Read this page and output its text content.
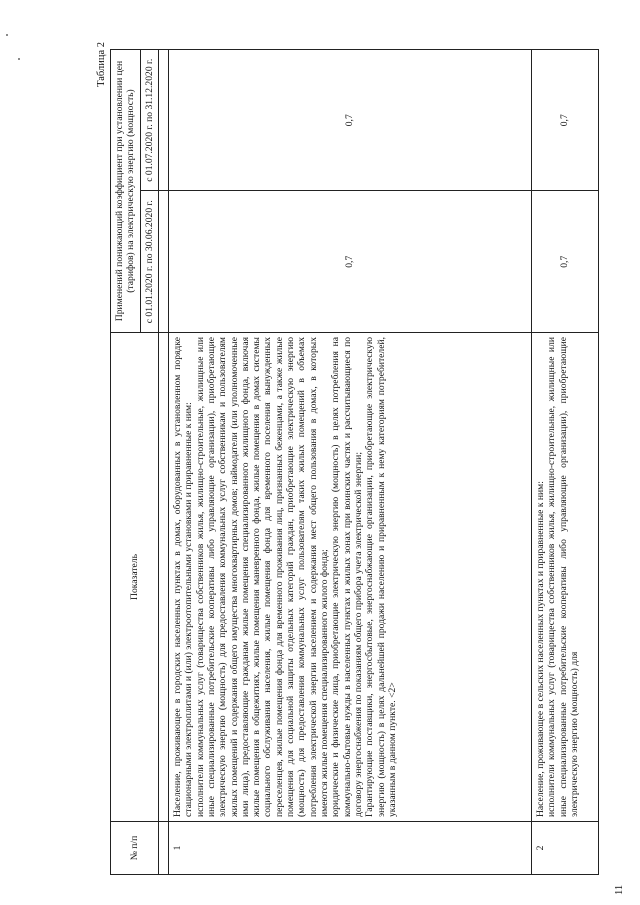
Таблица 2
№ п/п	Показатель	Применений понижающий коэффициент при установлении цен (тарифов) на электрическую энергию (мощность)	
		с 01.01.2020 г. по 30.06.2020 г.	с 01.07.2020 г. по 31.12.2020 г.

1	Население, проживающее в городских населенных пунктах в домах, оборудованных в установленном порядке стационарными электроплитами и (или) электроотопительными установками и приравненные к ним: исполнители коммунальных услуг (товарищества собственников жилья, жилищно-строительные, жилищные или иные специализированные потребительские кооперативы либо управляющие организации), приобретающие электрическую энергию (мощность) для предоставления коммунальных услуг собственникам и пользователям жилых помещений и содержания общего имущества многоквартирных домов; наймодатели (или уполномоченные ими лица), предоставляющие гражданам жилые помещения специализированного жилищного фонда, включая жилые помещения в общежитиях, жилые помещения маневренного фонда, жилые помещения в домах системы социального обслуживания населения, жилые помещения фонда для временного поселения вынужденных переселенцев, жилые помещения фонда для временного проживания лиц, признанных беженцами, а также жилые помещения для социальной защиты отдельных категорий граждан, приобретающие электрическую энергию (мощность) для предоставления коммунальных услуг пользователям таких жилых помещений в объемах потребления электрической энергии населением и содержания мест общего пользования в домах, в которых имеются жилые помещения специализированного жилого фонда; юридические и физические лица, приобретающие электрическую энергию (мощность) в целях потребления на коммунально-бытовые нужды в населенных пунктах и жилых зонах при воинских частях и рассчитывающиеся по договору энергоснабжения по показаниям общего прибора учета электрической энергии; Гарантирующие поставщики, энергосбытовые, энергоснабжающие организации, приобретающие электрическую энергию (мощность) в целях дальнейшей продажи населению и приравненным к нему категориям потребителей, указанным в данном пункте. <2>	0,7	0,7
2	Население, проживающее в сельских населенных пунктах и приравненные к ним: исполнители коммунальных услуг (товарищества собственников жилья, жилищно-строительные, жилищные или иные специализированные потребительские кооперативы либо управляющие организации), приобретающие электрическую энергию (мощность) для	0,7	0,7
11
